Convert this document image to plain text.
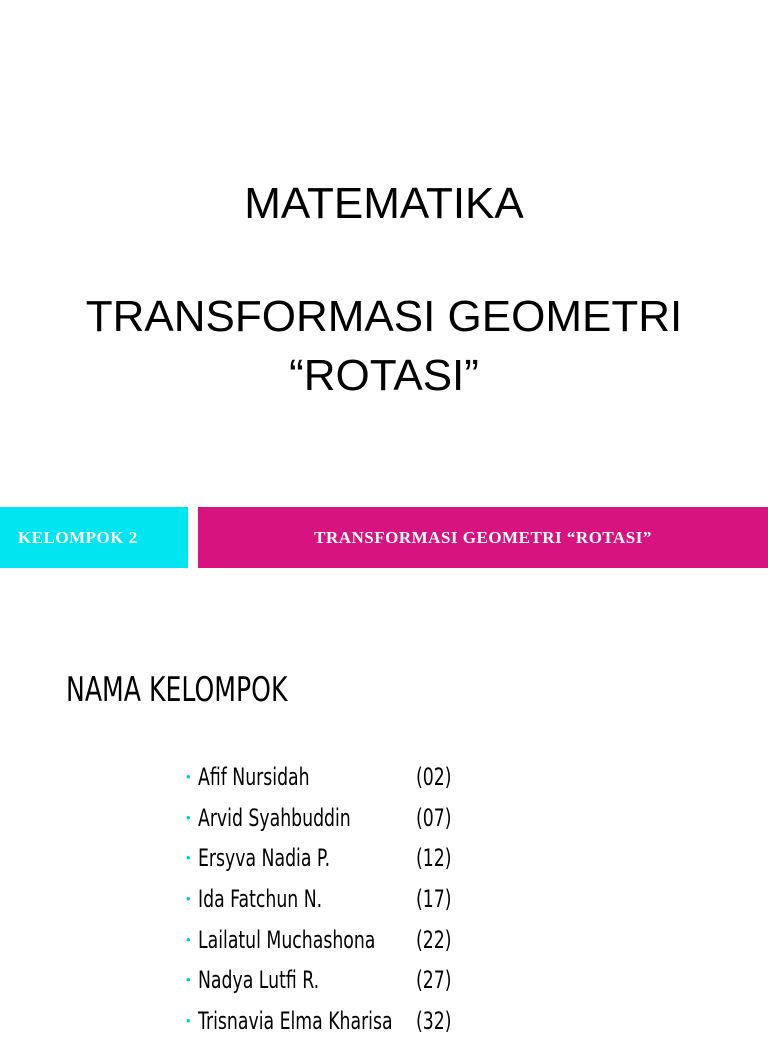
MATEMATIKA
TRANSFORMASI GEOMETRI
“ROTASI”
KELOMPOK 2	TRANSFORMASI GEOMETRI “ROTASI”
NAMA KELOMPOK
• Afif Nursidah	(02)
• Arvid Syahbuddin	(07)
• Ersyva Nadia P.	(12)
• Ida Fatchun N.	(17)
• Lailatul Muchashona (22)
• Nadya Lutfi R.	(27)
• Trisnavia Elma Kharisa (32)
